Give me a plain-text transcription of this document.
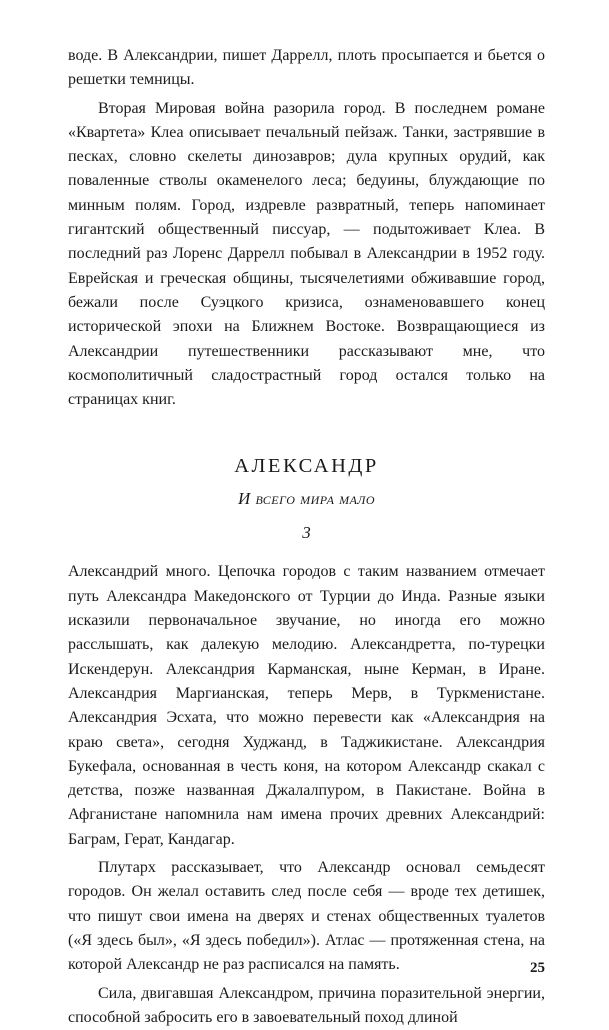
воде. В Александрии, пишет Даррелл, плоть просыпается и бьется о решетки темницы.

Вторая Мировая война разорила город. В последнем романе «Квартета» Клеа описывает печальный пейзаж. Танки, застрявшие в песках, словно скелеты динозавров; дула крупных орудий, как поваленные стволы окаменелого леса; бедуины, блуждающие по минным полям. Город, издревле развратный, теперь напоминает гигантский общественный писсуар, — подытоживает Клеа. В последний раз Лоренс Даррелл побывал в Александрии в 1952 году. Еврейская и греческая общины, тысячелетиями обживавшие город, бежали после Суэцкого кризиса, ознаменовавшего конец исторической эпохи на Ближнем Востоке. Возвращающиеся из Александрии путешественники рассказывают мне, что космополитичный сладострастный город остался только на страницах книг.

АЛЕКСАНДР

И всего мира мало

3

Александрий много. Цепочка городов с таким названием отмечает путь Александра Македонского от Турции до Инда. Разные языки исказили первоначальное звучание, но иногда его можно расслышать, как далекую мелодию. Александретта, по-турецки Искендерун. Александрия Карманская, ныне Керман, в Иране. Александрия Маргианская, теперь Мерв, в Туркменистане. Александрия Эсхата, что можно перевести как «Александрия на краю света», сегодня Худжанд, в Таджикистане. Александрия Букефала, основанная в честь коня, на котором Александр скакал с детства, позже названная Джалалпуром, в Пакистане. Война в Афганистане напомнила нам имена прочих древних Александрий: Баграм, Герат, Кандагар.

Плутарх рассказывает, что Александр основал семьдесят городов. Он желал оставить след после себя — вроде тех детишек, что пишут свои имена на дверях и стенах общественных туалетов («Я здесь был», «Я здесь победил»). Атлас — протяженная стена, на которой Александр не раз расписался на память.

Сила, двигавшая Александром, причина поразительной энергии, способной забросить его в завоевательный поход длиной

25
